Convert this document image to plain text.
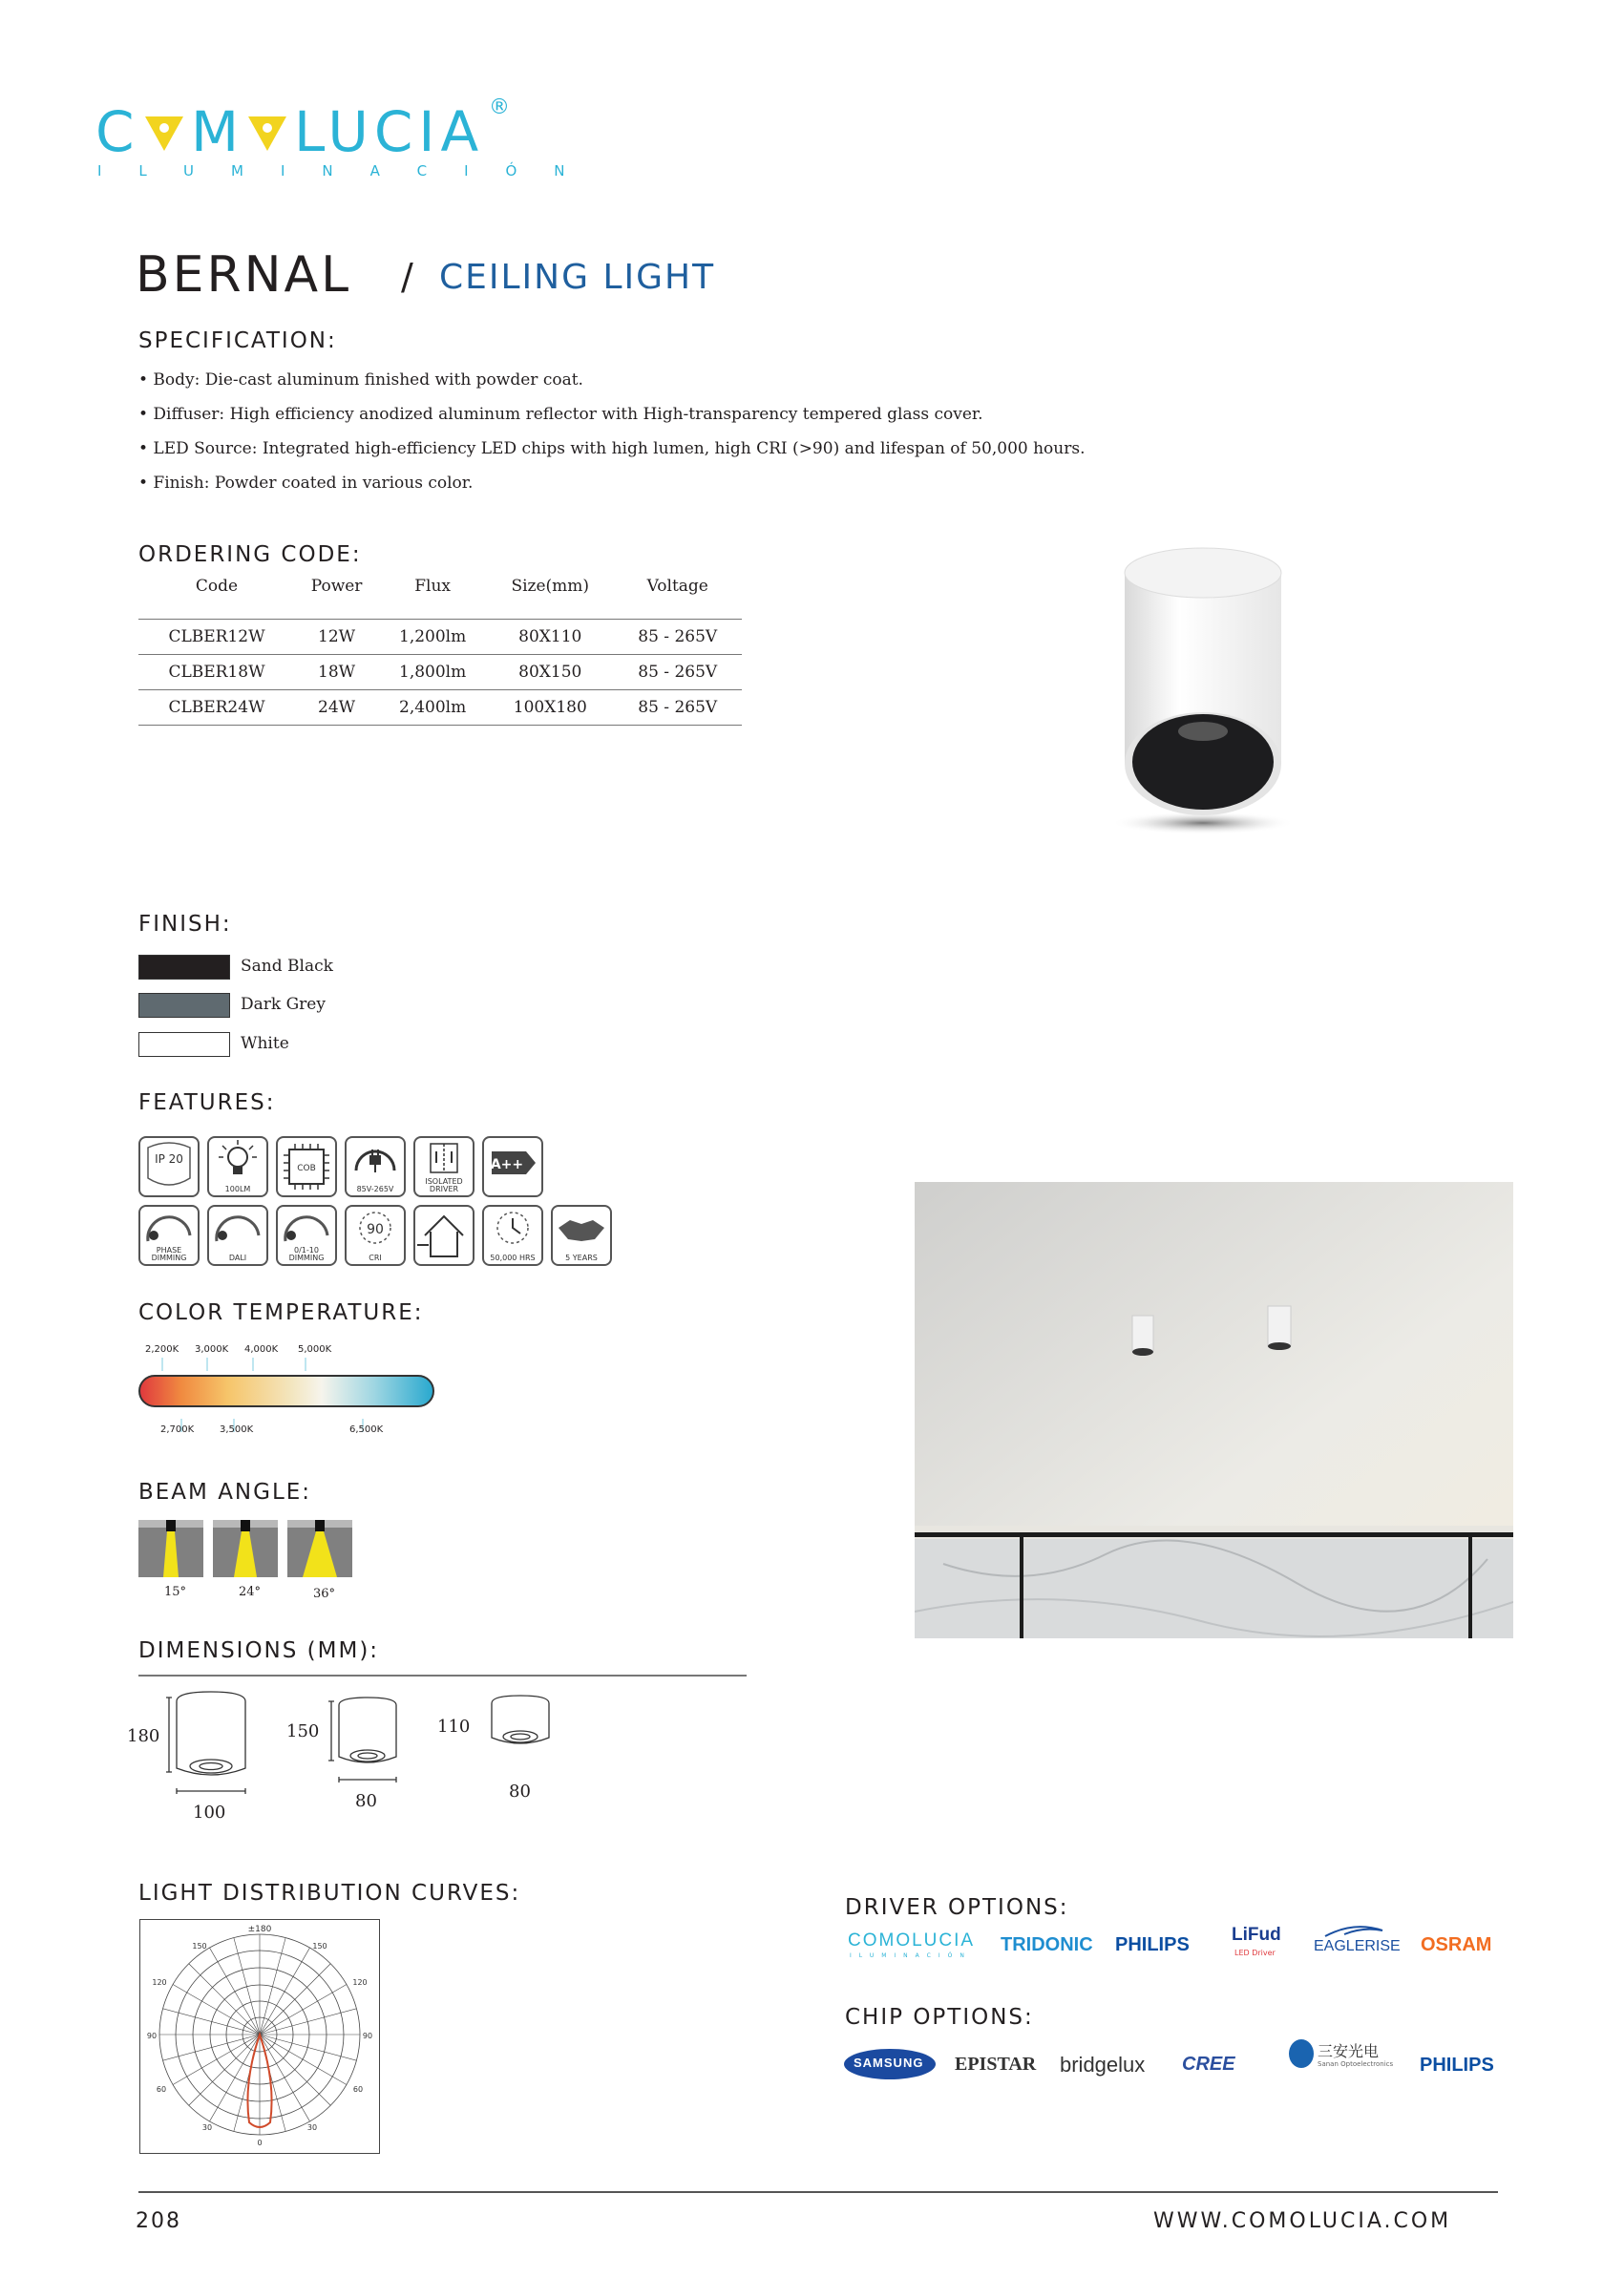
C M LUCIA ®
ILUMINACIÓN
BERNAL / CEILING LIGHT
SPECIFICATION:
• Body: Die-cast aluminum finished with powder coat.
• Diffuser: High efficiency anodized aluminum reflector with High-transparency tempered glass cover.
• LED Source: Integrated high-efficiency LED chips with high lumen, high CRI (>90) and lifespan of 50,000 hours.
• Finish: Powder coated in various color.
ORDERING CODE:
Code	Power	Flux	Size(mm)	Voltage
CLBER12W	12W	1,200lm	80X110	85 - 265V
CLBER18W	18W	1,800lm	80X150	85 - 265V
CLBER24W	24W	2,400lm	100X180	85 - 265V
FINISH:
Sand Black
Dark Grey
White
FEATURES:
IP 20
100LM
COB
85V-265V
ISOLATED DRIVER
A++
PHASE DIMMING	DALI
0/1-10 DIMMING
90
CRI	50,000 HRS	5 YEARS
COLOR TEMPERATURE:
2,200K 3,000K 4,000K 5,000K
2,700K	3,500K	6,500K
BEAM ANGLE:
15°	24°	36°
DIMENSIONS (MM):
180
100
150
80
110
80
LIGHT DISTRIBUTION CURVES:
±180
150	150
120	120
90	90
60	60
30	30
0
DRIVER OPTIONS:
COMOLUCIA
ILUMINACIÓN
TRIDONIC PHILIPS LiFud
LED Driver	EAGLERISE OSRAM
CHIP OPTIONS:
SAMSUNG EPISTAR bridgelux CREE
三安光电
Sanan Optoelectronics PHILIPS
208	WWW.COMOLUCIA.COM
